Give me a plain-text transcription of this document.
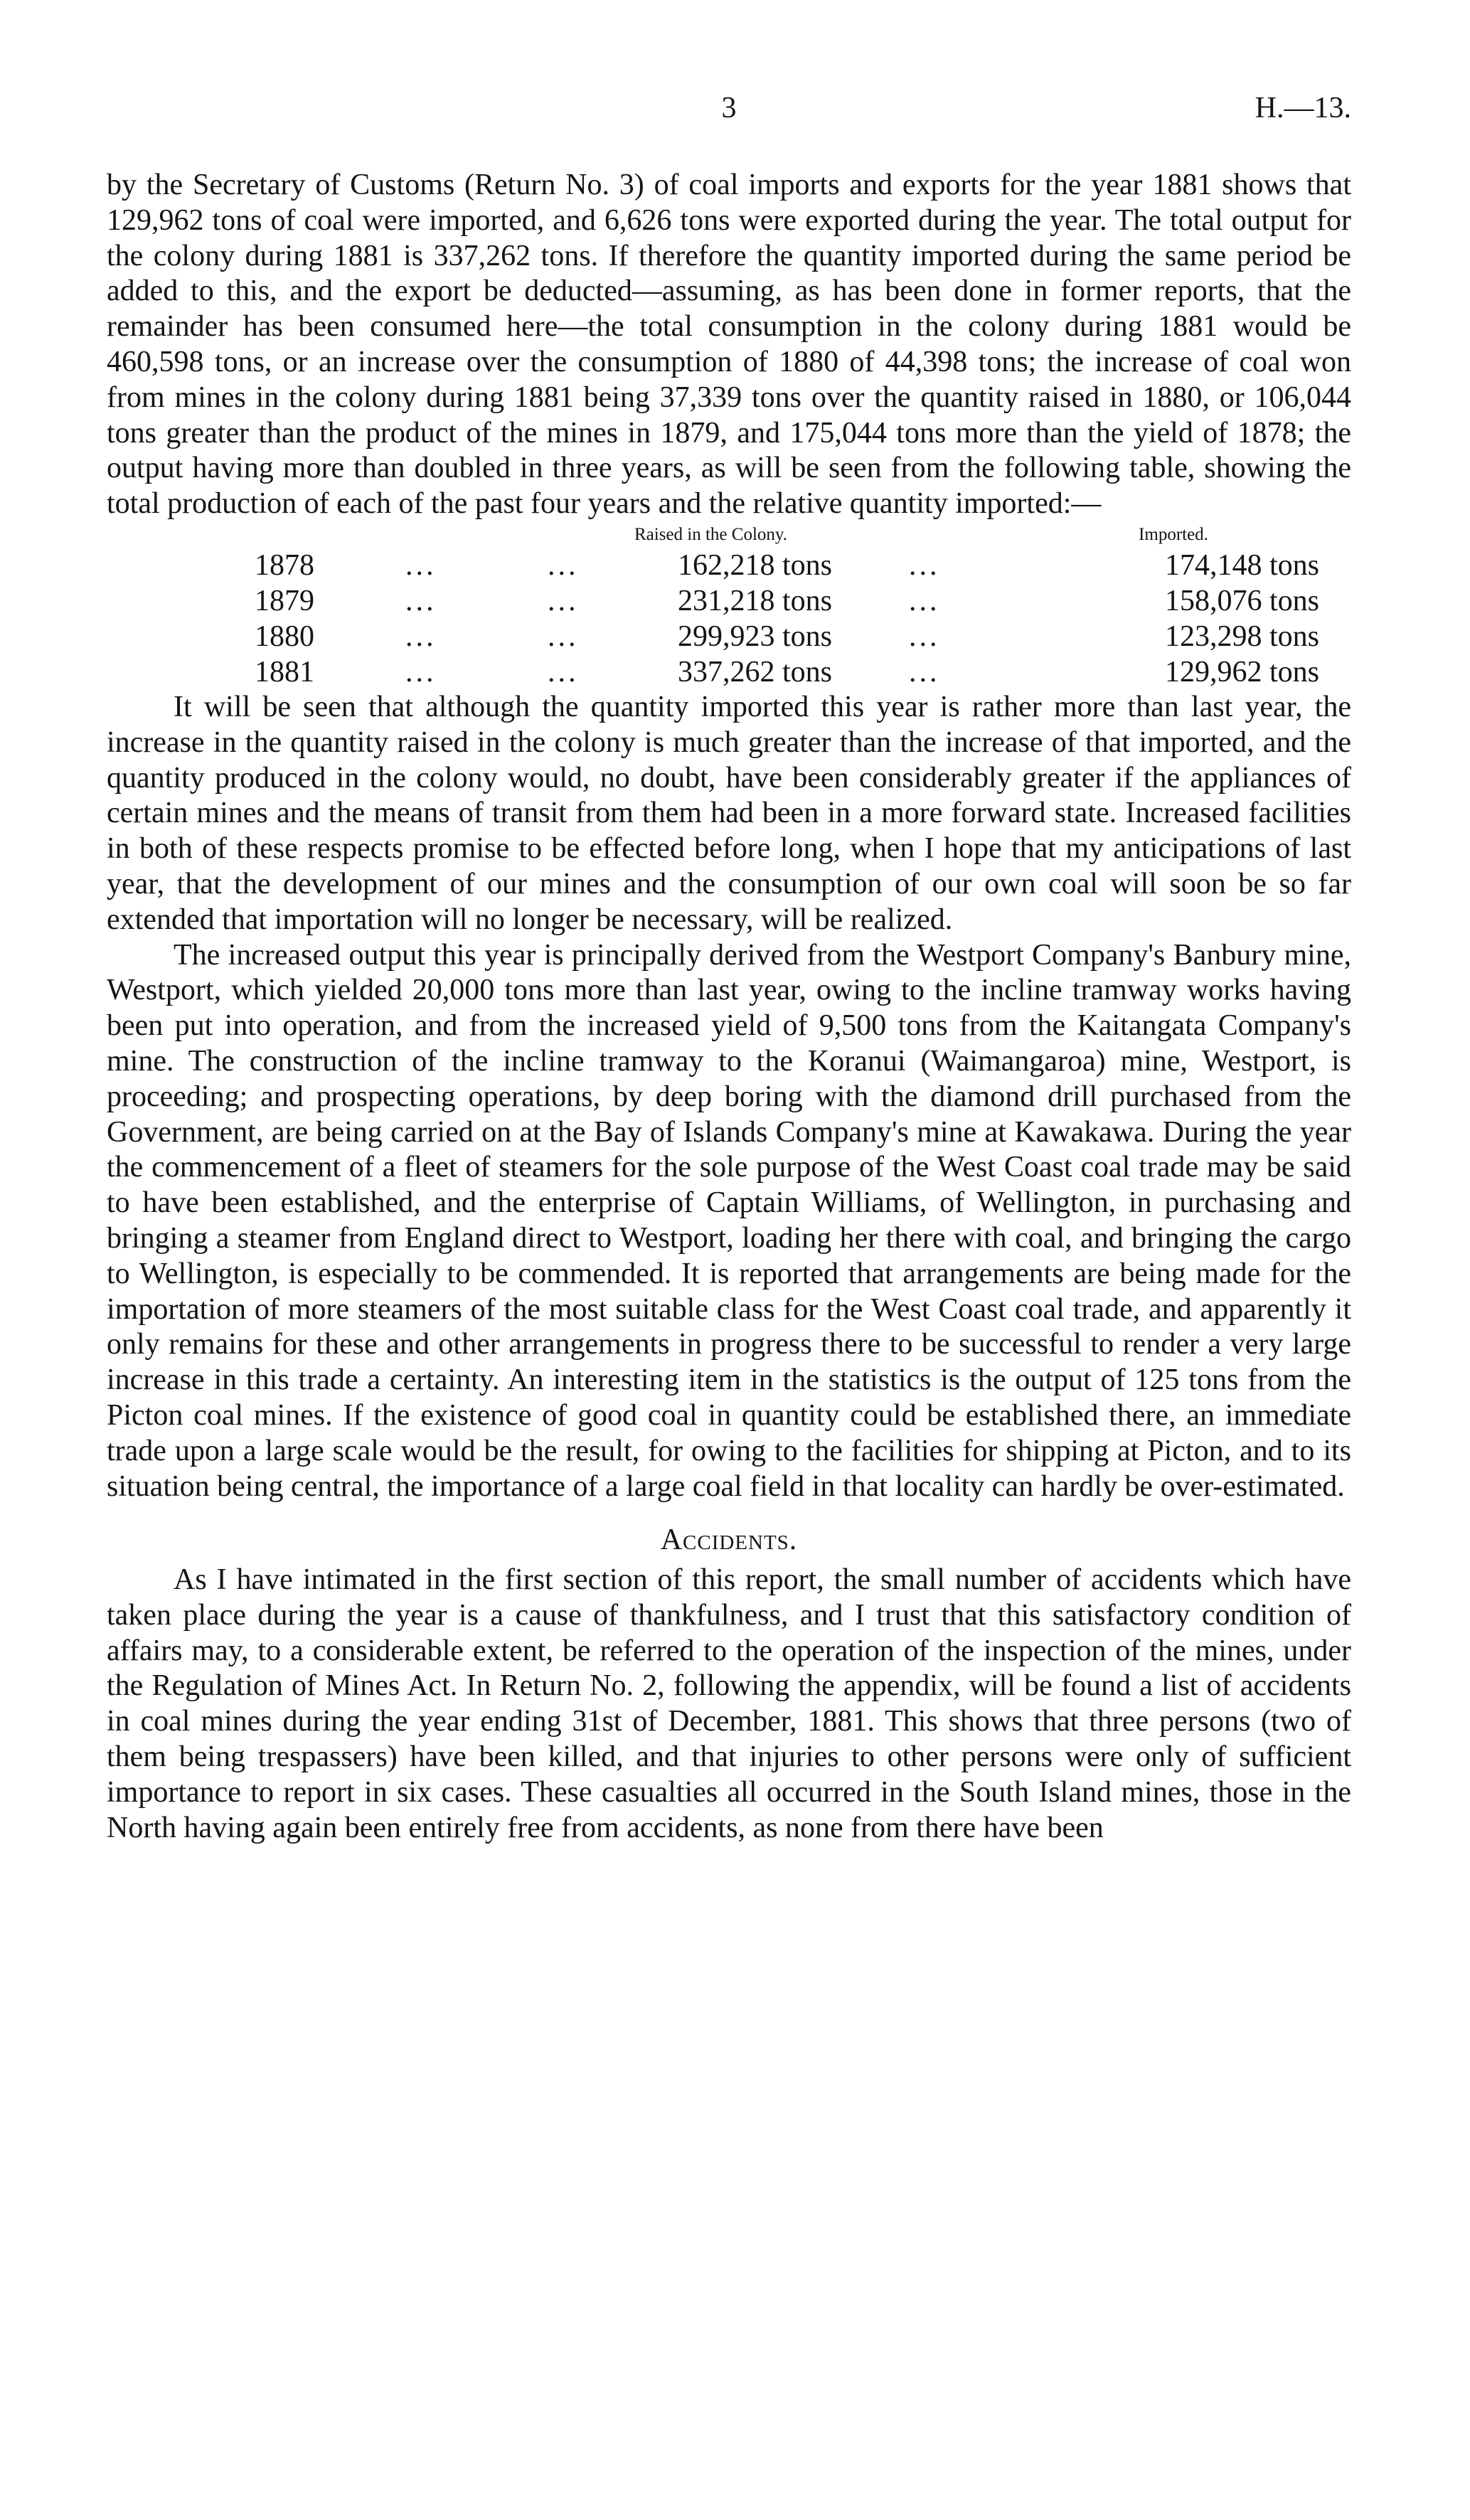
3	H.—13.

by the Secretary of Customs (Return No. 3) of coal imports and exports for the year 1881 shows that 129,962 tons of coal were imported, and 6,626 tons were exported during the year. The total output for the colony during 1881 is 337,262 tons. If therefore the quantity imported during the same period be added to this, and the export be deducted—assuming, as has been done in former reports, that the remainder has been consumed here—the total consumption in the colony during 1881 would be 460,598 tons, or an increase over the consumption of 1880 of 44,398 tons; the increase of coal won from mines in the colony during 1881 being 37,339 tons over the quantity raised in 1880, or 106,044 tons greater than the product of the mines in 1879, and 175,044 tons more than the yield of 1878; the output having more than doubled in three years, as will be seen from the following table, showing the total production of each of the past four years and the relative quantity imported:—

Raised in the Colony.	Imported.
1878	...	...	162,218 tons	...	174,148 tons
1879	...	...	231,218 tons	...	158,076 tons
1880	...	...	299,923 tons	...	123,298 tons
1881	...	...	337,262 tons	...	129,962 tons

It will be seen that although the quantity imported this year is rather more than last year, the increase in the quantity raised in the colony is much greater than the increase of that imported, and the quantity produced in the colony would, no doubt, have been considerably greater if the appliances of certain mines and the means of transit from them had been in a more forward state. Increased facilities in both of these respects promise to be effected before long, when I hope that my anticipations of last year, that the development of our mines and the consumption of our own coal will soon be so far extended that importation will no longer be necessary, will be realized.

The increased output this year is principally derived from the Westport Company's Banbury mine, Westport, which yielded 20,000 tons more than last year, owing to the incline tramway works having been put into operation, and from the increased yield of 9,500 tons from the Kaitangata Company's mine. The construction of the incline tramway to the Koranui (Waimangaroa) mine, Westport, is proceeding; and prospecting operations, by deep boring with the diamond drill purchased from the Government, are being carried on at the Bay of Islands Company's mine at Kawakawa. During the year the commencement of a fleet of steamers for the sole purpose of the West Coast coal trade may be said to have been established, and the enterprise of Captain Williams, of Wellington, in purchasing and bringing a steamer from England direct to Westport, loading her there with coal, and bringing the cargo to Wellington, is especially to be commended. It is reported that arrangements are being made for the importation of more steamers of the most suitable class for the West Coast coal trade, and apparently it only remains for these and other arrangements in progress there to be successful to render a very large increase in this trade a certainty. An interesting item in the statistics is the output of 125 tons from the Picton coal mines. If the existence of good coal in quantity could be established there, an immediate trade upon a large scale would be the result, for owing to the facilities for shipping at Picton, and to its situation being central, the importance of a large coal field in that locality can hardly be over-estimated.

Accidents.

As I have intimated in the first section of this report, the small number of accidents which have taken place during the year is a cause of thankfulness, and I trust that this satisfactory condition of affairs may, to a considerable extent, be referred to the operation of the inspection of the mines, under the Regulation of Mines Act. In Return No. 2, following the appendix, will be found a list of accidents in coal mines during the year ending 31st of December, 1881. This shows that three persons (two of them being trespassers) have been killed, and that injuries to other persons were only of sufficient importance to report in six cases. These casualties all occurred in the South Island mines, those in the North having again been entirely free from accidents, as none from there have been
